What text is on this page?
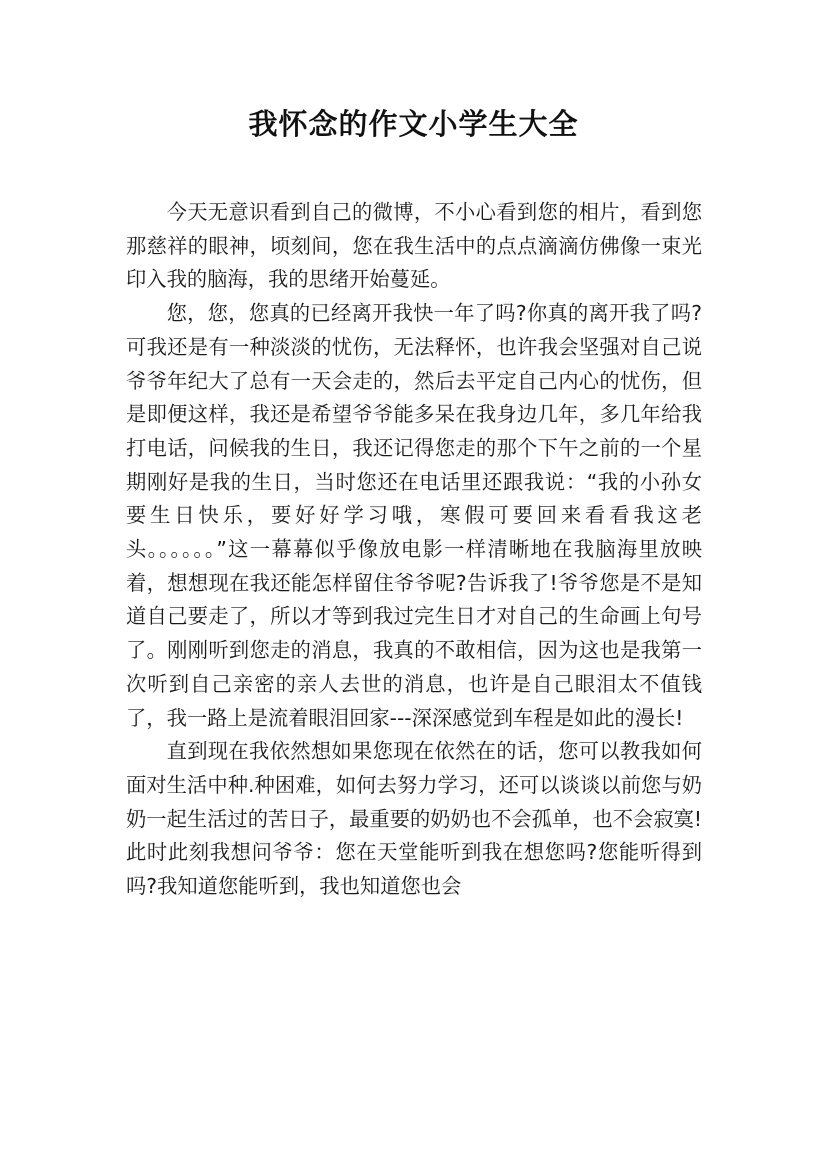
我怀念的作文小学生大全

今天无意识看到自己的微博，不小心看到您的相片，看到您那慈祥的眼神，顷刻间，您在我生活中的点点滴滴仿佛像一束光印入我的脑海，我的思绪开始蔓延。

您，您，您真的已经离开我快一年了吗?你真的离开我了吗?可我还是有一种淡淡的忧伤，无法释怀，也许我会坚强对自己说爷爷年纪大了总有一天会走的，然后去平定自己内心的忧伤，但是即便这样，我还是希望爷爷能多呆在我身边几年，多几年给我打电话，问候我的生日，我还记得您走的那个下午之前的一个星期刚好是我的生日，当时您还在电话里还跟我说：“我的小孙女要生日快乐，要好好学习哦，寒假可要回来看看我这老头。。。。。。”这一幕幕似乎像放电影一样清晰地在我脑海里放映着，想想现在我还能怎样留住爷爷呢?告诉我了!爷爷您是不是知道自己要走了，所以才等到我过完生日才对自己的生命画上句号了。刚刚听到您走的消息，我真的不敢相信，因为这也是我第一次听到自己亲密的亲人去世的消息，也许是自己眼泪太不值钱了，我一路上是流着眼泪回家---深深感觉到车程是如此的漫长!

直到现在我依然想如果您现在依然在的话，您可以教我如何面对生活中种.种困难，如何去努力学习，还可以谈谈以前您与奶奶一起生活过的苦日子，最重要的奶奶也不会孤单，也不会寂寞!此时此刻我想问爷爷：您在天堂能听到我在想您吗?您能听得到吗?我知道您能听到，我也知道您也会
